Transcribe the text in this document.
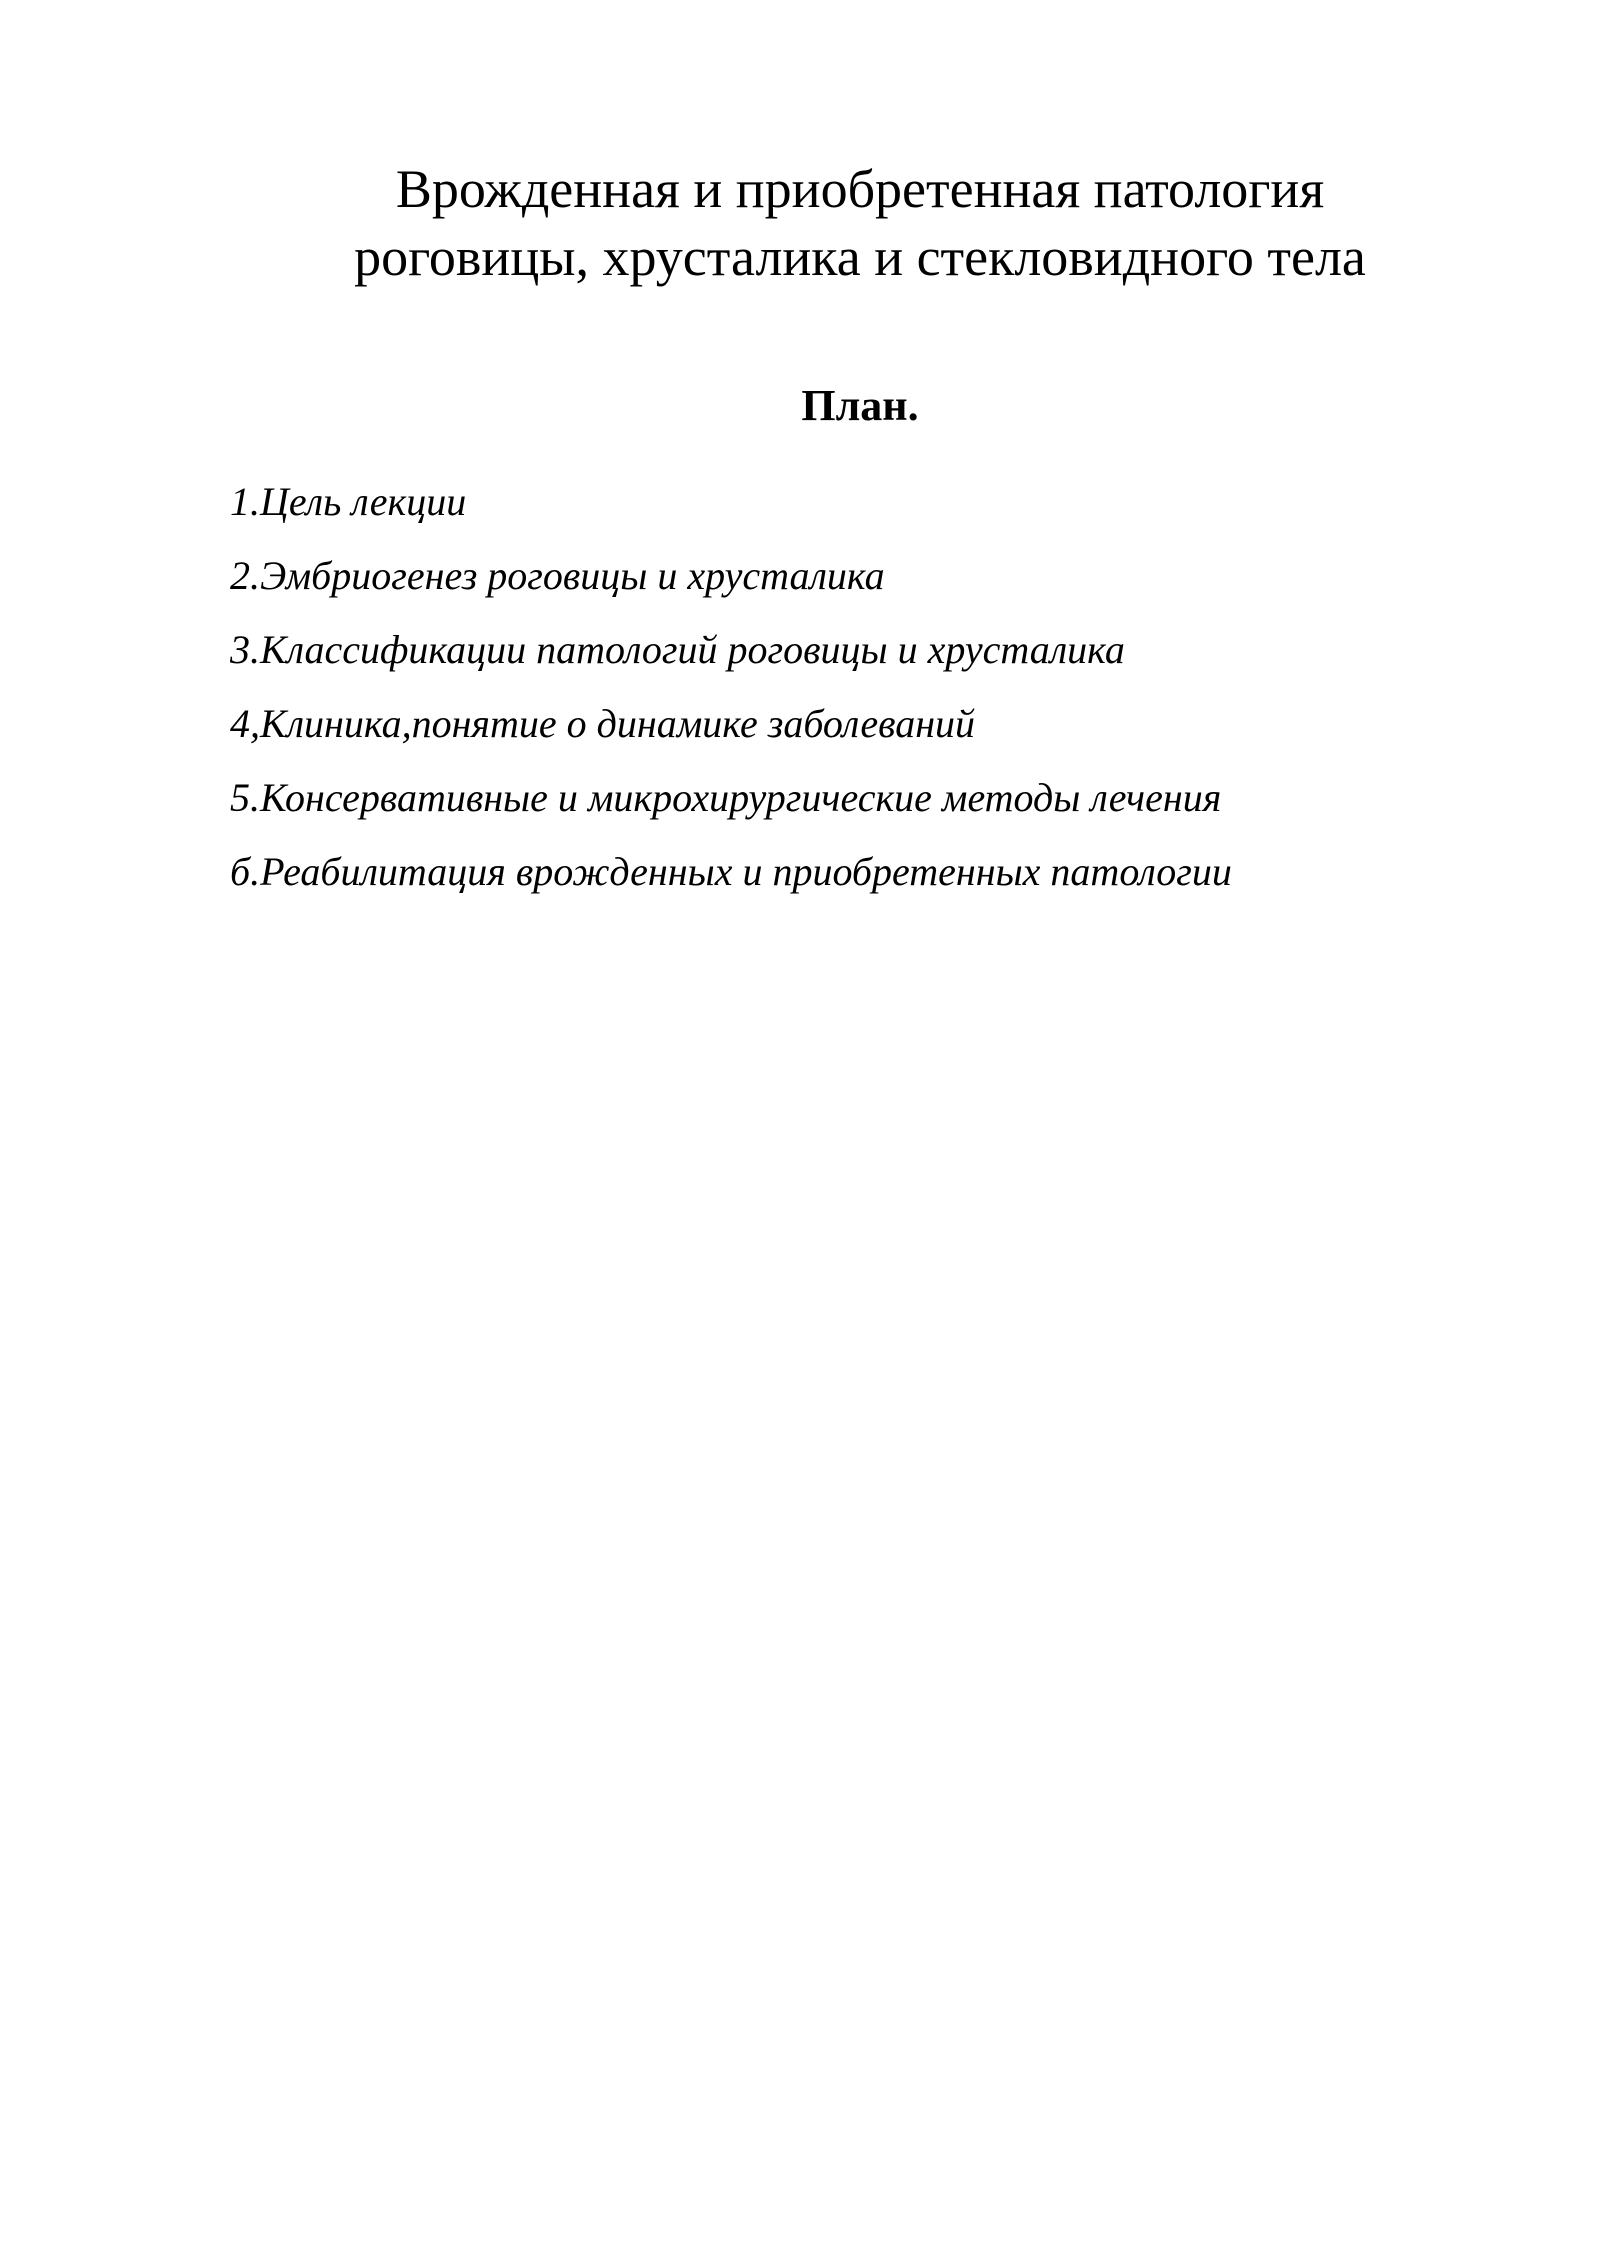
Врожденная и приобретенная патология
роговицы, хрусталика и стекловидного тела
План.
1.Цель лекции
2.Эмбриогенез роговицы и хрусталика
3.Классификации патологий роговицы и хрусталика
4,Клиника,понятие о динамике заболеваний
5.Консервативные и микрохирургические методы лечения
б.Реабилитация врожденных и приобретенных патологии
